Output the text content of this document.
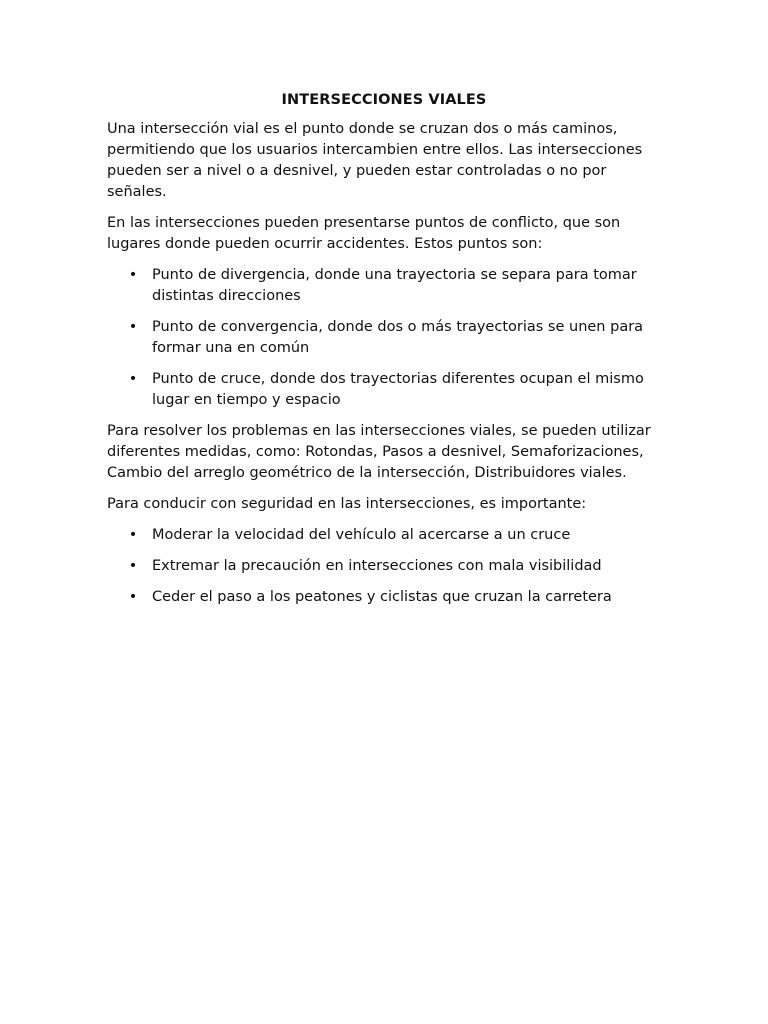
INTERSECCIONES VIALES

Una intersección vial es el punto donde se cruzan dos o más caminos, permitiendo que los usuarios intercambien entre ellos. Las intersecciones pueden ser a nivel o a desnivel, y pueden estar controladas o no por señales.

En las intersecciones pueden presentarse puntos de conflicto, que son lugares donde pueden ocurrir accidentes. Estos puntos son:

• Punto de divergencia, donde una trayectoria se separa para tomar distintas direcciones
• Punto de convergencia, donde dos o más trayectorias se unen para formar una en común
• Punto de cruce, donde dos trayectorias diferentes ocupan el mismo lugar en tiempo y espacio

Para resolver los problemas en las intersecciones viales, se pueden utilizar diferentes medidas, como: Rotondas, Pasos a desnivel, Semaforizaciones, Cambio del arreglo geométrico de la intersección, Distribuidores viales.

Para conducir con seguridad en las intersecciones, es importante:

• Moderar la velocidad del vehículo al acercarse a un cruce
• Extremar la precaución en intersecciones con mala visibilidad
• Ceder el paso a los peatones y ciclistas que cruzan la carretera
